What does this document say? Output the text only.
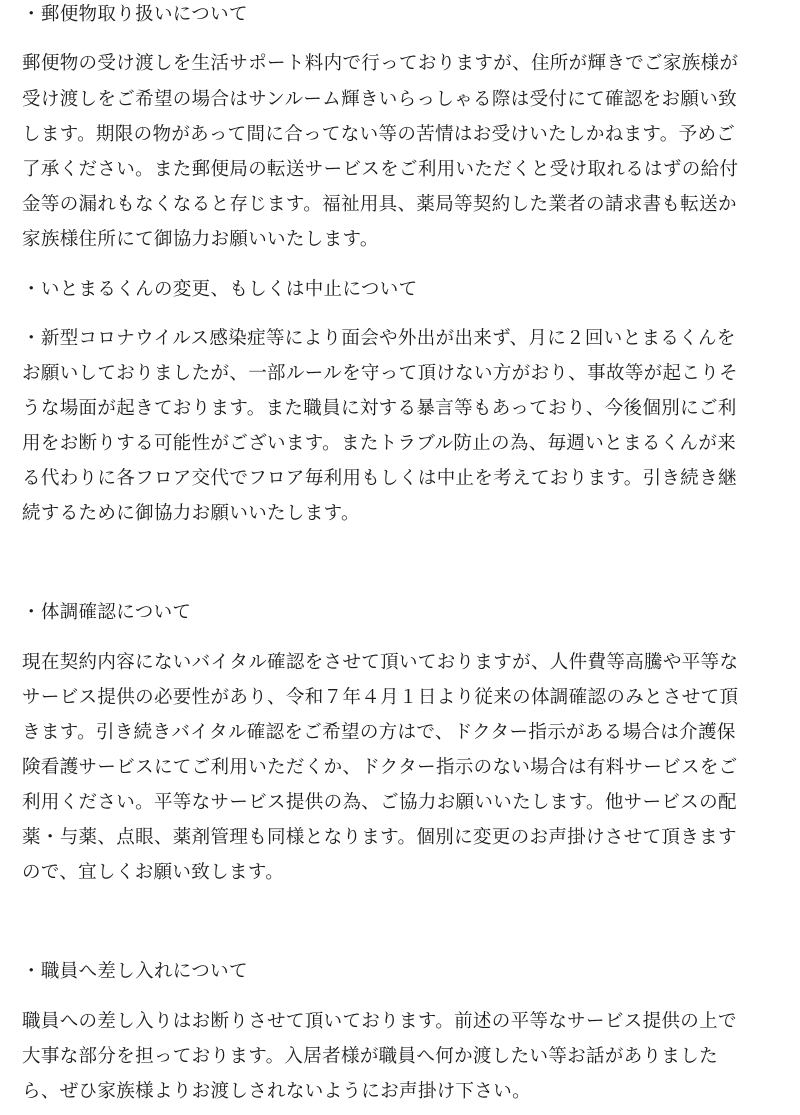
・郵便物取り扱いについて
郵便物の受け渡しを生活サポート料内で行っておりますが、住所が輝きでご家族様が
受け渡しをご希望の場合はサンルーム輝きいらっしゃる際は受付にて確認をお願い致
します。期限の物があって間に合ってない等の苦情はお受けいたしかねます。予めご
了承ください。また郵便局の転送サービスをご利用いただくと受け取れるはずの給付
金等の漏れもなくなると存じます。福祉用具、薬局等契約した業者の請求書も転送か
家族様住所にて御協力お願いいたします。
・いとまるくんの変更、もしくは中止について
・新型コロナウイルス感染症等により面会や外出が出来ず、月に２回いとまるくんを
お願いしておりましたが、一部ルールを守って頂けない方がおり、事故等が起こりそ
うな場面が起きております。また職員に対する暴言等もあっており、今後個別にご利
用をお断りする可能性がございます。またトラブル防止の為、毎週いとまるくんが来
る代わりに各フロア交代でフロア毎利用もしくは中止を考えております。引き続き継
続するために御協力お願いいたします。
・体調確認について
現在契約内容にないバイタル確認をさせて頂いておりますが、人件費等高騰や平等な
サービス提供の必要性があり、令和７年４月１日より従来の体調確認のみとさせて頂
きます。引き続きバイタル確認をご希望の方はで、ドクター指示がある場合は介護保
険看護サービスにてご利用いただくか、ドクター指示のない場合は有料サービスをご
利用ください。平等なサービス提供の為、ご協力お願いいたします。他サービスの配
薬・与薬、点眼、薬剤管理も同様となります。個別に変更のお声掛けさせて頂きます
ので、宜しくお願い致します。
・職員へ差し入れについて
職員への差し入りはお断りさせて頂いております。前述の平等なサービス提供の上で
大事な部分を担っております。入居者様が職員へ何か渡したい等お話がありました
ら、ぜひ家族様よりお渡しされないようにお声掛け下さい。
